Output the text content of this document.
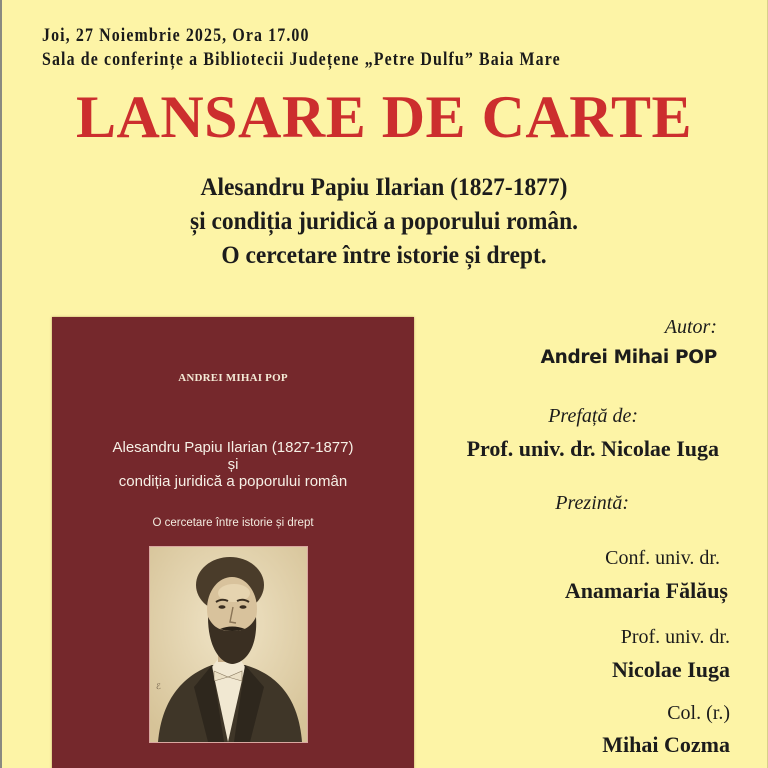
Joi, 27 Noiembrie 2025, Ora 17.00
Sala de conferințe a Bibliotecii Județene „Petre Dulfu” Baia Mare
LANSARE DE CARTE
Alesandru Papiu Ilarian (1827-1877)
și condiția juridică a poporului român.
O cercetare între istorie și drept.
ANDREI MIHAI POP
Alesandru Papiu Ilarian (1827-1877)
și
condiția juridică a poporului român
O cercetare între istorie și drept
ℰ
Autor:
Andrei Mihai POP
Prefață de:
Prof. univ. dr. Nicolae Iuga
Prezintă:
Conf. univ. dr.
Anamaria Fălăuș
Prof. univ. dr.
Nicolae Iuga
Col. (r.)
Mihai Cozma
